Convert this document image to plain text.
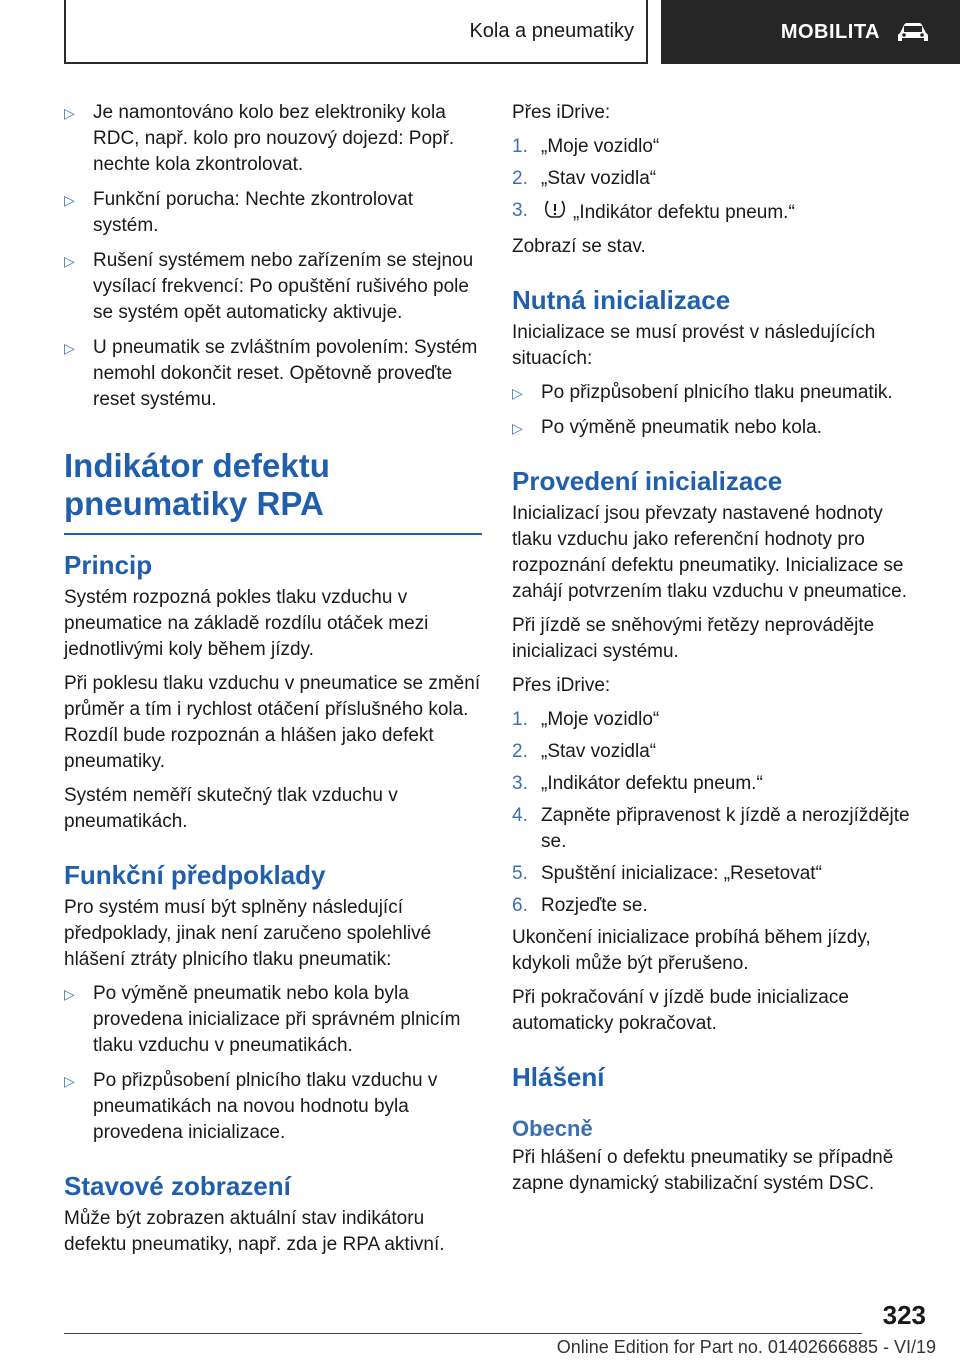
Kola a pneumatiky	MOBILITA
▷ Je namontováno kolo bez elektroniky kola RDC, např. kolo pro nouzový dojezd: Popř. nechte kola zkontrolovat.
▷ Funkční porucha: Nechte zkontrolovat systém.
▷ Rušení systémem nebo zařízením se stejnou vysílací frekvencí: Po opuštění rušivého pole se systém opět automaticky aktivuje.
▷ U pneumatik se zvláštním povolením: Systém nemohl dokončit reset. Opětovně proveďte reset systému.
Indikátor defektu pneumatiky RPA
Princip

Systém rozpozná pokles tlaku vzduchu v pneumatice na základě rozdílu otáček mezi jednotlivými koly během jízdy.

Při poklesu tlaku vzduchu v pneumatice se změní průměr a tím i rychlost otáčení příslušného kola. Rozdíl bude rozpoznán a hlášen jako defekt pneumatiky.

Systém neměří skutečný tlak vzduchu v pneumatikách.

Funkční předpoklady

Pro systém musí být splněny následující předpoklady, jinak není zaručeno spolehlivé hlášení ztráty plnicího tlaku pneumatik:

▷ Po výměně pneumatik nebo kola byla provedena inicializace při správném plnicím tlaku vzduchu v pneumatikách.
▷ Po přizpůsobení plnicího tlaku vzduchu v pneumatikách na novou hodnotu byla provedena inicializace.
Stavové zobrazení

Může být zobrazen aktuální stav indikátoru defektu pneumatiky, např. zda je RPA aktivní.

Přes iDrive:

1. „Moje vozidlo“
2. „Stav vozidla“
3. „Indikátor defektu pneum.“

Zobrazí se stav.

Nutná inicializace

Inicializace se musí provést v následujících situacích:

▷ Po přizpůsobení plnicího tlaku pneumatik.
▷ Po výměně pneumatik nebo kola.
Provedení inicializace

Inicializací jsou převzaty nastavené hodnoty tlaku vzduchu jako referenční hodnoty pro rozpoznání defektu pneumatiky. Inicializace se zahájí potvrzením tlaku vzduchu v pneumatice.

Při jízdě se sněhovými řetězy neprovádějte inicializaci systému.

Přes iDrive:

1. „Moje vozidlo“
2. „Stav vozidla“
3. „Indikátor defektu pneum.“
4. Zapněte připravenost k jízdě a nerozjíždějte se.
5. Spuštění inicializace: „Resetovat“
6. Rozjeďte se.

Ukončení inicializace probíhá během jízdy, kdykoli může být přerušeno.

Při pokračování v jízdě bude inicializace automaticky pokračovat.

Hlášení
Obecně

Při hlášení o defektu pneumatiky se případně zapne dynamický stabilizační systém DSC.

323
Online Edition for Part no. 01402666885 - VI/19
